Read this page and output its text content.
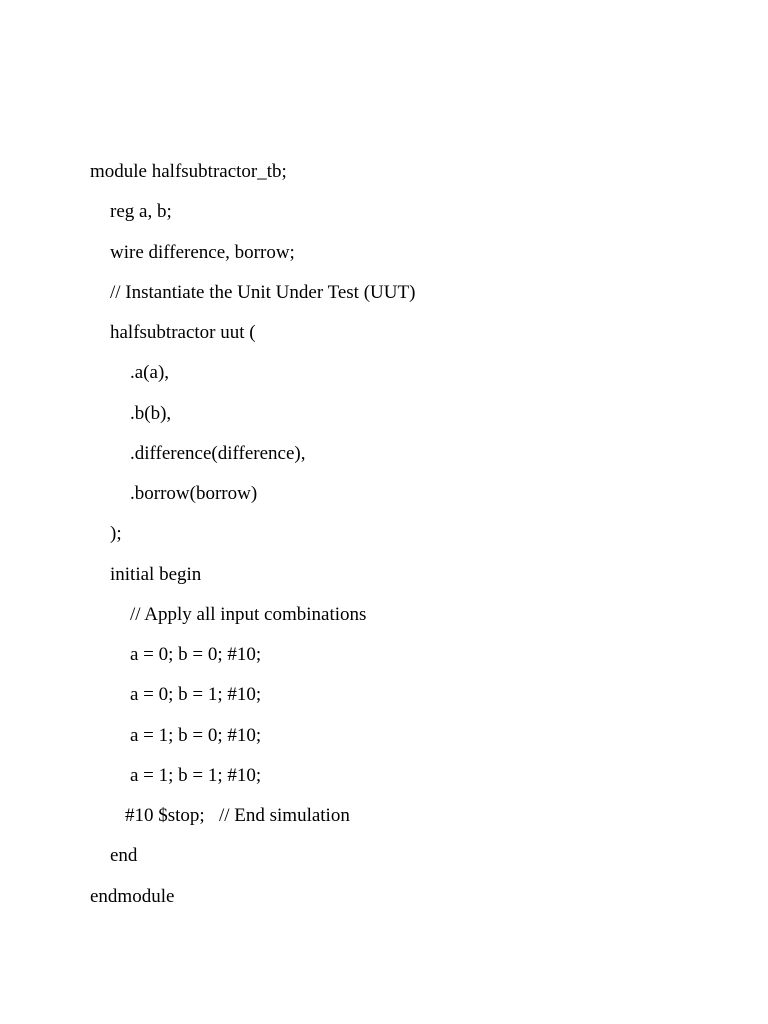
module halfsubtractor_tb;
reg a, b;
wire difference, borrow;
// Instantiate the Unit Under Test (UUT)
halfsubtractor uut (
.a(a),
.b(b),
.difference(difference),
.borrow(borrow)
);
initial begin
// Apply all input combinations
a = 0; b = 0; #10;
a = 0; b = 1; #10;
a = 1; b = 0; #10;
a = 1; b = 1; #10;
#10 $stop;   // End simulation
end
endmodule
